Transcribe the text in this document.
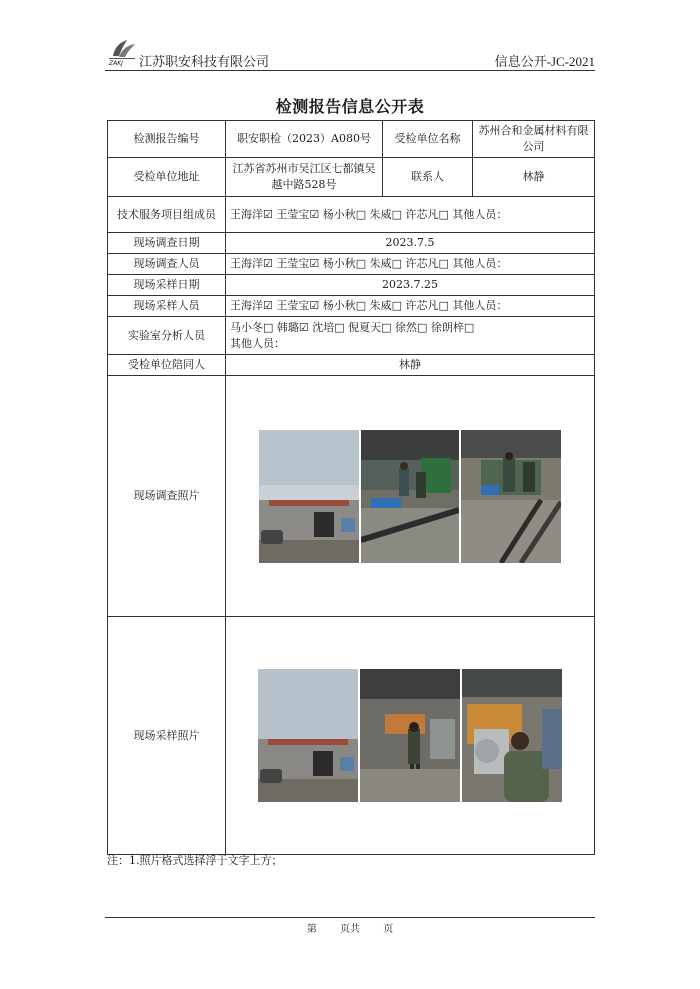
ZAKJ 江苏职安科技有限公司	信息公开-JC-2021
检测报告信息公开表
检测报告编号	职安职检（2023）A080号	受检单位名称	苏州合和金属材料有限公司
受检单位地址	江苏省苏州市吴江区七都镇吴越中路528号	联系人	林静
技术服务项目组成员	王海洋☑ 王莹宝☑ 杨小秋□ 朱威□ 许芯凡□ 其他人员：		
现场调查日期	2023.7.5		
现场调查人员	王海洋☑ 王莹宝☑ 杨小秋□ 朱威□ 许芯凡□ 其他人员：		
现场采样日期	2023.7.25		
现场采样人员	王海洋☑ 王莹宝☑ 杨小秋□ 朱威□ 许芯凡□ 其他人员：		
实验室分析人员	马小冬□ 韩璐☑ 沈培□ 倪夏天□ 徐然□ 徐朗梓□
其他人员：		

受检单位陪同人	林静		
现场调查照片	

现场采样照片	
注：1.照片格式选择浮于文字上方；
第 页共 页
